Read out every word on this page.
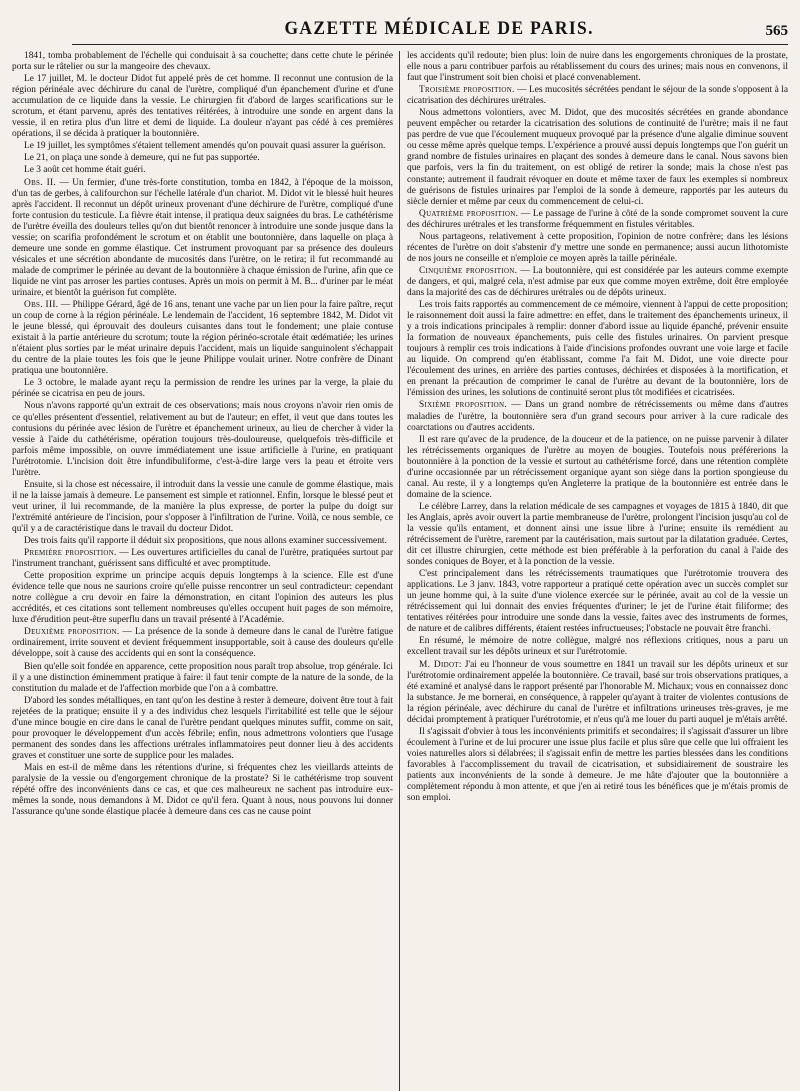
GAZETTE MÉDICALE DE PARIS.	565

1841, tomba probablement de l'échelle qui conduisait à sa couchette; dans cette chute le périnée porta sur le râtelier ou sur la mangeoire des chevaux.

Le 17 juillet, M. le docteur Didot fut appelé près de cet homme. Il reconnut une contusion de la région périnéale avec déchirure du canal de l'urètre, compliqué d'un épanchement d'urine et d'une accumulation de ce liquide dans la vessie. Le chirurgien fit d'abord de larges scarifications sur le scrotum, et étant parvenu, après des tentatives réitérées, à introduire une sonde en argent dans la vessie, il en retira plus d'un litre et demi de liquide. La douleur n'ayant pas cédé à ces premières opérations, il se décida à pratiquer la boutonnière.

Le 19 juillet, les symptômes s'étaient tellement amendés qu'on pouvait quasi assurer la guérison.

Le 21, on plaça une sonde à demeure, qui ne fut pas supportée.

Le 3 août cet homme était guéri.

Obs. II. — Un fermier, d'une très-forte constitution, tomba en 1842, à l'époque de la moisson, d'un tas de gerbes, à califourchon sur l'échelle latérale d'un chariot. M. Didot vit le blessé huit heures après l'accident. Il reconnut un dépôt urineux provenant d'une déchirure de l'urètre, compliqué d'une forte contusion du testicule. La fièvre était intense, il pratiqua deux saignées du bras. Le cathétérisme de l'urètre éveilla des douleurs telles qu'on dut bientôt renoncer à introduire une sonde jusque dans la vessie; on scarifia profondément le scrotum et on établit une boutonnière, dans laquelle on plaça à demeure une sonde en gomme élastique. Cet instrument provoquant par sa présence des douleurs vésicales et une sécrétion abondante de mucosités dans l'urètre, on le retira; il fut recommandé au malade de comprimer le périnée au devant de la boutonnière à chaque émission de l'urine, afin que ce liquide ne vint pas arroser les parties contuses. Après un mois on permit à M. B... d'uriner par le méat urinaire, et bientôt la guérison fut complète.

Obs. III. — Philippe Gérard, âgé de 16 ans, tenant une vache par un lien pour la faire paître, reçut un coup de corne à la région périnéale. Le lendemain de l'accident, 16 septembre 1842, M. Didot vit le jeune blessé, qui éprouvait des douleurs cuisantes dans tout le fondement; une plaie contuse existait à la partie antérieure du scrotum; toute la région périnéo-scrotale était œdématiée; les urines n'étaient plus sorties par le méat urinaire depuis l'accident, mais un liquide sanguinolent s'échappait du centre de la plaie toutes les fois que le jeune Philippe voulait uriner. Notre confrère de Dinant pratiqua une boutonnière.

Le 3 octobre, le malade ayant reçu la permission de rendre les urines par la verge, la plaie du périnée se cicatrisa en peu de jours.

Nous n'avons rapporté qu'un extrait de ces observations; mais nous croyons n'avoir rien omis de ce qu'elles présentent d'essentiel, relativement au but de l'auteur; en effet, il veut que dans toutes les contusions du périnée avec lésion de l'urètre et épanchement urineux, au lieu de chercher à vider la vessie à l'aide du cathétérisme, opération toujours très-douloureuse, quelquefois très-difficile et parfois même impossible, on ouvre immédiatement une issue artificielle à l'urine, en pratiquant l'urétrotomie. L'incision doit être infundibuliforme, c'est-à-dire large vers la peau et étroite vers l'urètre.

Ensuite, si la chose est nécessaire, il introduit dans la vessie une canule de gomme élastique, mais il ne la laisse jamais à demeure. Le pansement est simple et rationnel. Enfin, lorsque le blessé peut et veut uriner, il lui recommande, de la manière la plus expresse, de porter la pulpe du doigt sur l'extrémité antérieure de l'incision, pour s'opposer à l'infiltration de l'urine. Voilà, ce nous semble, ce qu'il y a de caractéristique dans le travail du docteur Didot.

Des trois faits qu'il rapporte il déduit six propositions, que nous allons examiner successivement.

Première proposition. — Les ouvertures artificielles du canal de l'urètre, pratiquées surtout par l'instrument tranchant, guérissent sans difficulté et avec promptitude.

Cette proposition exprime un principe acquis depuis longtemps à la science. Elle est d'une évidence telle que nous ne saurions croire qu'elle puisse rencontrer un seul contradicteur: cependant notre collègue a cru devoir en faire la démonstration, en citant l'opinion des auteurs les plus accrédités, et ces citations sont tellement nombreuses qu'elles occupent huit pages de son mémoire, luxe d'érudition peut-être superflu dans un travail présenté à l'Académie.

Deuxième proposition. — La présence de la sonde à demeure dans le canal de l'urètre fatigue ordinairement, irrite souvent et devient fréquemment insupportable, soit à cause des douleurs qu'elle développe, soit à cause des accidents qui en sont la conséquence.

Bien qu'elle soit fondée en apparence, cette proposition nous paraît trop absolue, trop générale. Ici il y a une distinction éminemment pratique à faire: il faut tenir compte de la nature de la sonde, de la constitution du malade et de l'affection morbide que l'on a à combattre.

D'abord les sondes métalliques, en tant qu'on les destine à rester à demeure, doivent être tout à fait rejetées de la pratique; ensuite il y a des individus chez lesquels l'irritabilité est telle que le séjour d'une mince bougie en cire dans le canal de l'urètre pendant quelques minutes suffit, comme on sait, pour provoquer le développement d'un accès fébrile; enfin, nous admettrons volontiers que l'usage permanent des sondes dans les affections urétrales inflammatoires peut donner lieu à des accidents graves et constituer une sorte de supplice pour les malades.

Mais en est-il de même dans les rétentions d'urine, si fréquentes chez les vieillards atteints de paralysie de la vessie ou d'engorgement chronique de la prostate? Si le cathétérisme trop souvent répété offre des inconvénients dans ce cas, et que ces malheureux ne sachent pas introduire eux-mêmes la sonde, nous demandons à M. Didot ce qu'il fera. Quant à nous, nous pouvons lui donner l'assurance qu'une sonde élastique placée à demeure dans ces cas ne cause point

les accidents qu'il redoute; bien plus: loin de nuire dans les engorgements chroniques de la prostate, elle nous a paru contribuer parfois au rétablissement du cours des urines; mais nous en convenons, il faut que l'instrument soit bien choisi et placé convenablement.

Troisième proposition. — Les mucosités sécrétées pendant le séjour de la sonde s'opposent à la cicatrisation des déchirures urétrales.

Nous admettons volontiers, avec M. Didot, que des mucosités sécrétées en grande abondance peuvent empêcher ou retarder la cicatrisation des solutions de continuité de l'urètre; mais il ne faut pas perdre de vue que l'écoulement muqueux provoqué par la présence d'une algalie diminue souvent ou cesse même après quelque temps. L'expérience a prouvé aussi depuis longtemps que l'on guérit un grand nombre de fistules urinaires en plaçant des sondes à demeure dans le canal. Nous savons bien que parfois, vers la fin du traitement, on est obligé de retirer la sonde; mais la chose n'est pas constante; autrement il faudrait révoquer en doute et même taxer de faux les exemples si nombreux de guérisons de fistules urinaires par l'emploi de la sonde à demeure, rapportés par les auteurs du siècle dernier et même par ceux du commencement de celui-ci.

Quatrième proposition. — Le passage de l'urine à côté de la sonde compromet souvent la cure des déchirures urétrales et les transforme fréquemment en fistules véritables.

Nous partageons, relativement à cette proposition, l'opinion de notre confrère; dans les lésions récentes de l'urètre on doit s'abstenir d'y mettre une sonde en permanence; aussi aucun lithotomiste de nos jours ne conseille et n'emploie ce moyen après la taille périnéale.

Cinquième proposition. — La boutonnière, qui est considérée par les auteurs comme exempte de dangers, et qui, malgré cela, n'est admise par eux que comme moyen extrême, doit être employée dans la majorité des cas de déchirures urétrales ou de dépôts urineux.

Les trois faits rapportés au commencement de ce mémoire, viennent à l'appui de cette proposition; le raisonnement doit aussi la faire admettre: en effet, dans le traitement des épanchements urineux, il y a trois indications principales à remplir: donner d'abord issue au liquide épanché, prévenir ensuite la formation de nouveaux épanchements, puis celle des fistules urinaires. On parvient presque toujours à remplir ces trois indications à l'aide d'incisions profondes ouvrant une voie large et facile au liquide. On comprend qu'en établissant, comme l'a fait M. Didot, une voie directe pour l'écoulement des urines, en arrière des parties contuses, déchirées et disposées à la mortification, et en prenant la précaution de comprimer le canal de l'urètre au devant de la boutonnière, lors de l'émission des urines, les solutions de continuité seront plus tôt modifiées et cicatrisées.

Sixième proposition. — Dans un grand nombre de rétrécissements ou même dans d'autres maladies de l'urètre, la boutonnière sera d'un grand secours pour arriver à la cure radicale des coarctations ou d'autres accidents.

Il est rare qu'avec de la prudence, de la douceur et de la patience, on ne puisse parvenir à dilater les rétrécissements organiques de l'urètre au moyen de bougies. Toutefois nous préférerions la boutonnière à la ponction de la vessie et surtout au cathétérisme forcé, dans une rétention complète d'urine occasionnée par un rétrécissement organique ayant son siège dans la portion spongieuse du canal. Au reste, il y a longtemps qu'en Angleterre la pratique de la boutonnière est entrée dans le domaine de la science.

Le célèbre Larrey, dans la relation médicale de ses campagnes et voyages de 1815 à 1840, dit que les Anglais, après avoir ouvert la partie membraneuse de l'urètre, prolongent l'incision jusqu'au col de la vessie qu'ils entament, et donnent ainsi une issue libre à l'urine; ensuite ils remédient au rétrécissement de l'urètre, rarement par la cautérisation, mais surtout par la dilatation graduée. Certes, dit cet illustre chirurgien, cette méthode est bien préférable à la perforation du canal à l'aide des sondes coniques de Boyer, et à la ponction de la vessie.

C'est principalement dans les rétrécissements traumatiques que l'urétrotomie trouvera des applications. Le 3 janv. 1843, votre rapporteur a pratiqué cette opération avec un succès complet sur un jeune homme qui, à la suite d'une violence exercée sur le périnée, avait au col de la vessie un rétrécissement qui lui donnait des envies fréquentes d'uriner; le jet de l'urine était filiforme; des tentatives réitérées pour introduire une sonde dans la vessie, faites avec des instruments de formes, de nature et de calibres différents, étaient restées infructueuses; l'obstacle ne pouvait être franchi.

En résumé, le mémoire de notre collègue, malgré nos réflexions critiques, nous a paru un excellent travail sur les dépôts urineux et sur l'urétrotomie.

M. Didot: J'ai eu l'honneur de vous soumettre en 1841 un travail sur les dépôts urineux et sur l'urétrotomie ordinairement appelée la boutonnière. Ce travail, basé sur trois observations pratiques, a été examiné et analysé dans le rapport présenté par l'honorable M. Michaux; vous en connaissez donc la substance. Je me bornerai, en conséquence, à rappeler qu'ayant à traiter de violentes contusions de la région périnéale, avec déchirure du canal de l'urètre et infiltrations urineuses très-graves, je me décidai promptement à pratiquer l'urétrotomie, et n'eus qu'à me louer du parti auquel je m'étais arrêté.

Il s'agissait d'obvier à tous les inconvénients primitifs et secondaires; il s'agissait d'assurer un libre écoulement à l'urine et de lui procurer une issue plus facile et plus sûre que celle que lui offraient les voies naturelles alors si délabrées; il s'agissait enfin de mettre les parties blessées dans les conditions favorables à l'accomplissement du travail de cicatrisation, et subsidiairement de soustraire les patients aux inconvénients de la sonde à demeure. Je me hâte d'ajouter que la boutonnière a complètement répondu à mon attente, et que j'en ai retiré tous les bénéfices que je m'étais promis de son emploi.
